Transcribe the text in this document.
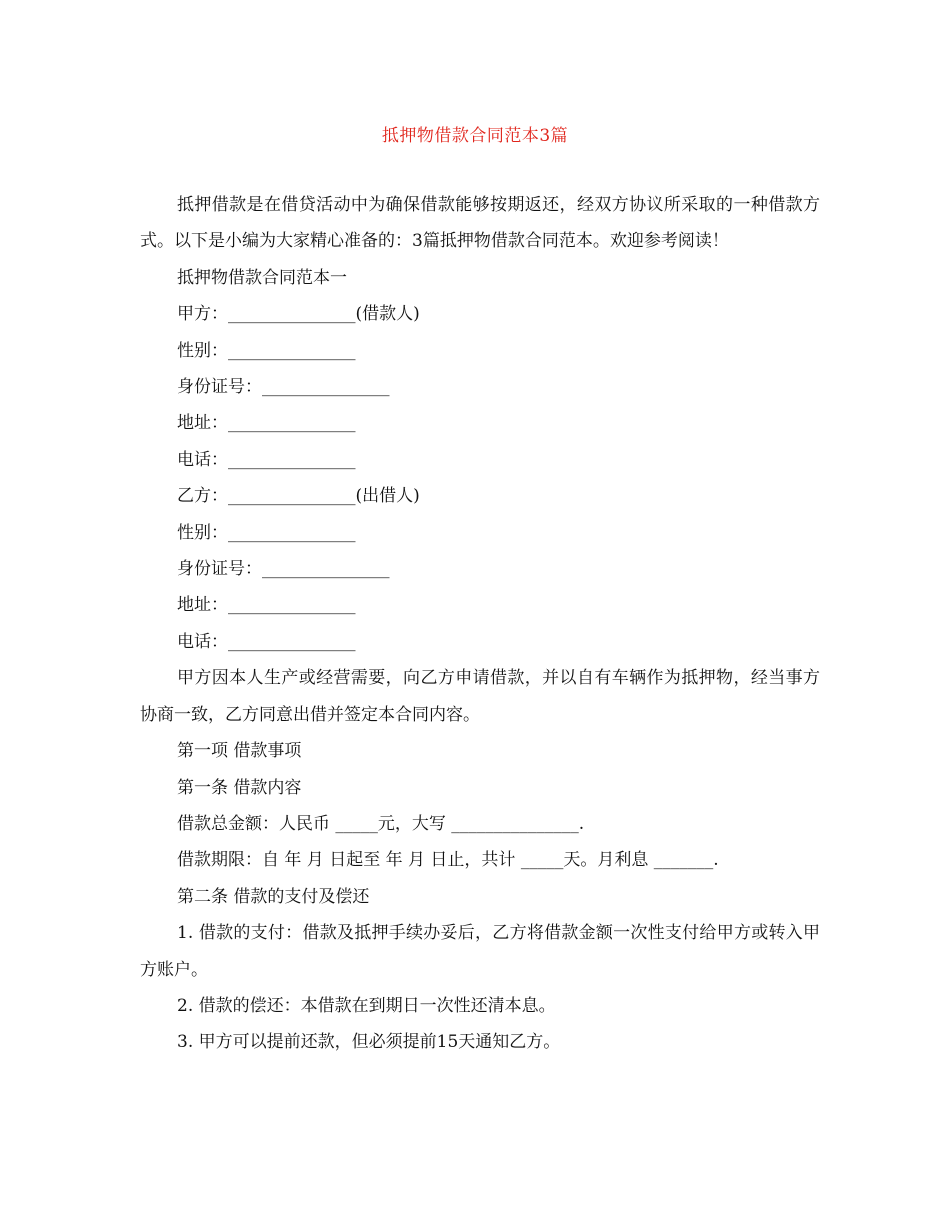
抵押物借款合同范本3篇

抵押借款是在借贷活动中为确保借款能够按期返还，经双方协议所采取的一种借款方式。以下是小编为大家精心准备的：3篇抵押物借款合同范本。欢迎参考阅读！

抵押物借款合同范本一

甲方：_______________(借款人)

性别：_______________

身份证号：_______________

地址：_______________

电话：_______________

乙方：_______________(出借人)

性别：_______________

身份证号：_______________

地址：_______________

电话：_______________

甲方因本人生产或经营需要，向乙方申请借款，并以自有车辆作为抵押物，经当事方协商一致，乙方同意出借并签定本合同内容。

第一项 借款事项

第一条 借款内容

借款总金额：人民币 _____元，大写 _______________.

借款期限：自 年 月 日起至 年 月 日止，共计 _____天。月利息 _______.

第二条 借款的支付及偿还

1. 借款的支付：借款及抵押手续办妥后，乙方将借款金额一次性支付给甲方或转入甲方账户。

2. 借款的偿还：本借款在到期日一次性还清本息。

3. 甲方可以提前还款，但必须提前15天通知乙方。
